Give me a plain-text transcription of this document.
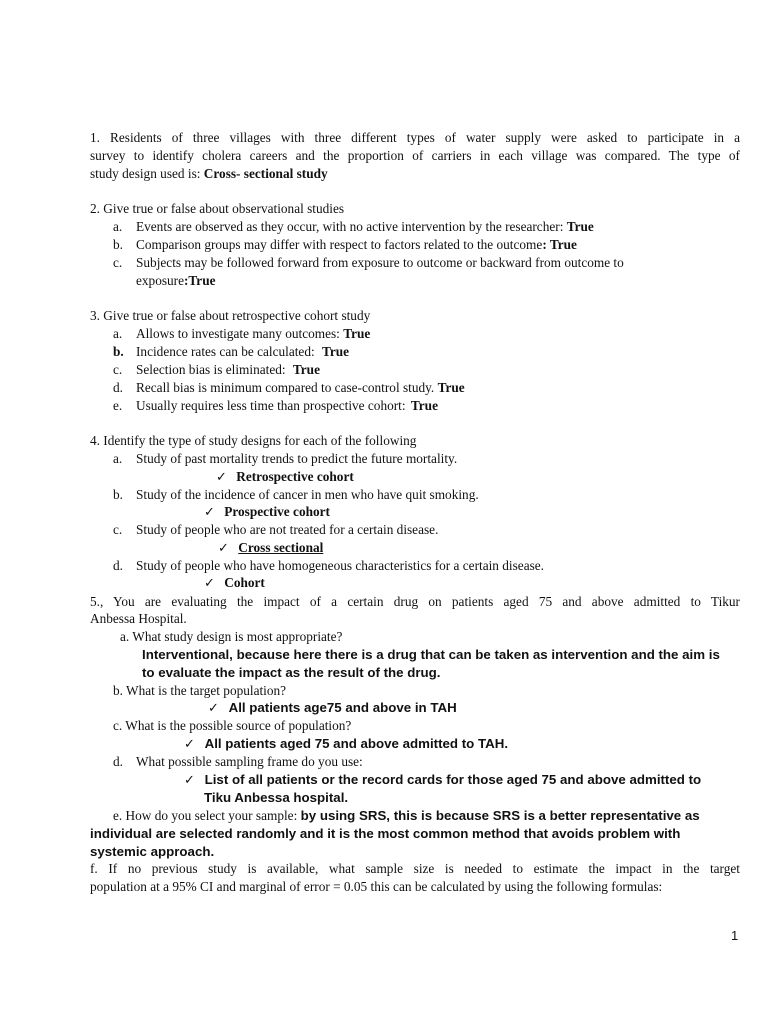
1. Residents of three villages with three different types of water supply were asked to participate in a
survey to identify cholera careers and the proportion of carriers in each village was compared. The type of
study design used is: Cross- sectional study
2. Give true or false about observational studies
a. Events are observed as they occur, with no active intervention by the researcher: True
b. Comparison groups may differ with respect to factors related to the outcome: True
c. Subjects may be followed forward from exposure to outcome or backward from outcome to
exposure:True
3. Give true or false about retrospective cohort study
a. Allows to investigate many outcomes: True
b. Incidence rates can be calculated: True
c. Selection bias is eliminated: True
d. Recall bias is minimum compared to case-control study. True
e. Usually requires less time than prospective cohort: True
4. Identify the type of study designs for each of the following
a. Study of past mortality trends to predict the future mortality.
✓ Retrospective cohort
b. Study of the incidence of cancer in men who have quit smoking.
✓ Prospective cohort
c. Study of people who are not treated for a certain disease.
✓ Cross sectional
d. Study of people who have homogeneous characteristics for a certain disease.
✓ Cohort
5., You are evaluating the impact of a certain drug on patients aged 75 and above admitted to Tikur
Anbessa Hospital.
a. What study design is most appropriate?
Interventional, because here there is a drug that can be taken as intervention and the aim is
to evaluate the impact as the result of the drug.
b. What is the target population?
✓ All patients age75 and above in TAH
c. What is the possible source of population?
✓ All patients aged 75 and above admitted to TAH.
d. What possible sampling frame do you use:
✓ List of all patients or the record cards for those aged 75 and above admitted to
Tiku Anbessa hospital.
e. How do you select your sample: by using SRS, this is because SRS is a better representative as
individual are selected randomly and it is the most common method that avoids problem with
systemic approach.
f. If no previous study is available, what sample size is needed to estimate the impact in the target
population at a 95% CI and marginal of error = 0.05 this can be calculated by using the following formulas:
1
